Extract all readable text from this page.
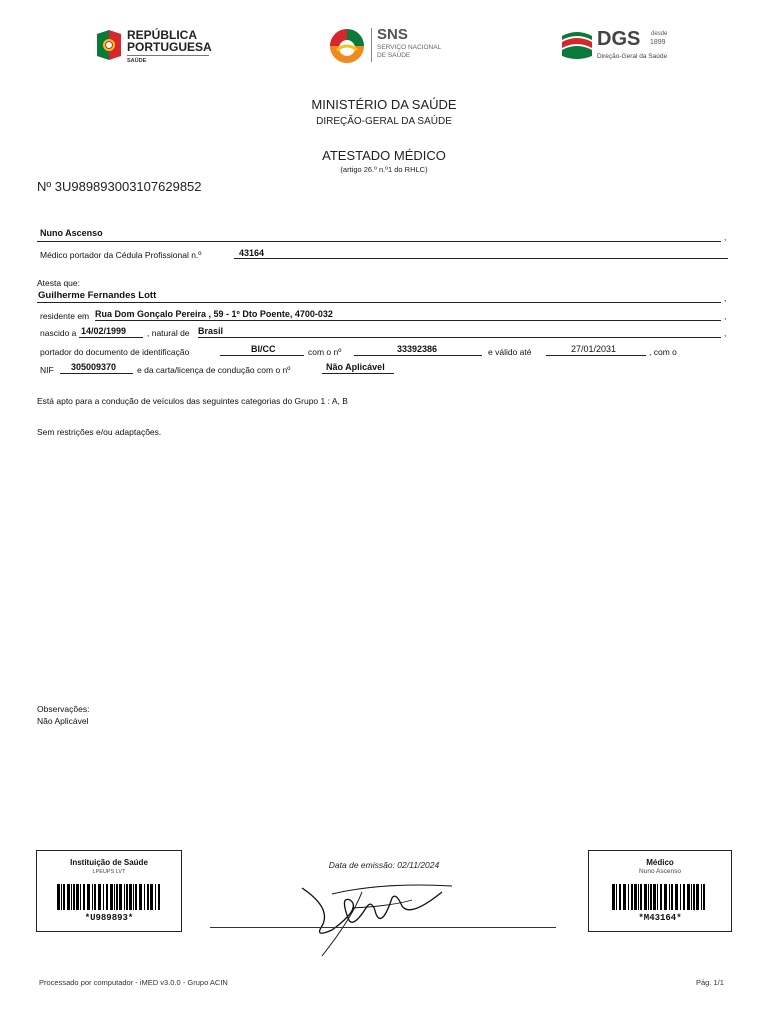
REPÚBLICA
PORTUGUESA
SAÚDE
SNS
SERVIÇO NACIONAL
DE SAÚDE
DGS desde
1899
Direção-Geral da Saúde
MINISTÉRIO DA SAÚDE
DIREÇÃO-GERAL DA SAÚDE
ATESTADO MÉDICO
(artigo 26.º n.º1 do RHLC)
Nº 3U989893003107629852
Nuno Ascenso	,
Médico portador da Cédula Profissional n.º	43164
Atesta que:
Guilherme Fernandes Lott	,
residente em Rua Dom Gonçalo Pereira , 59 - 1º Dto Poente, 4700-032	,
nascido a 14/02/1999 , natural de Brasil	,
portador do documento de identificação	BI/CC	com o nº	33392386	e válido até	27/01/2031	, com o
NIF 305009370 e da carta/licença de condução com o nº	Não Aplicável
Está apto para a condução de veículos das seguintes categorias do Grupo 1 : A, B
Sem restrições e/ou adaptações.
Observações:
Não Aplicável
Instituição de Saúde
LPEUPS LVT
*U989893*
Data de emissão: 02/11/2024	Médico
Nuno Ascenso
*M43164*
Processado por computador - iMED v3.0.0 - Grupo ACIN	Pág. 1/1
